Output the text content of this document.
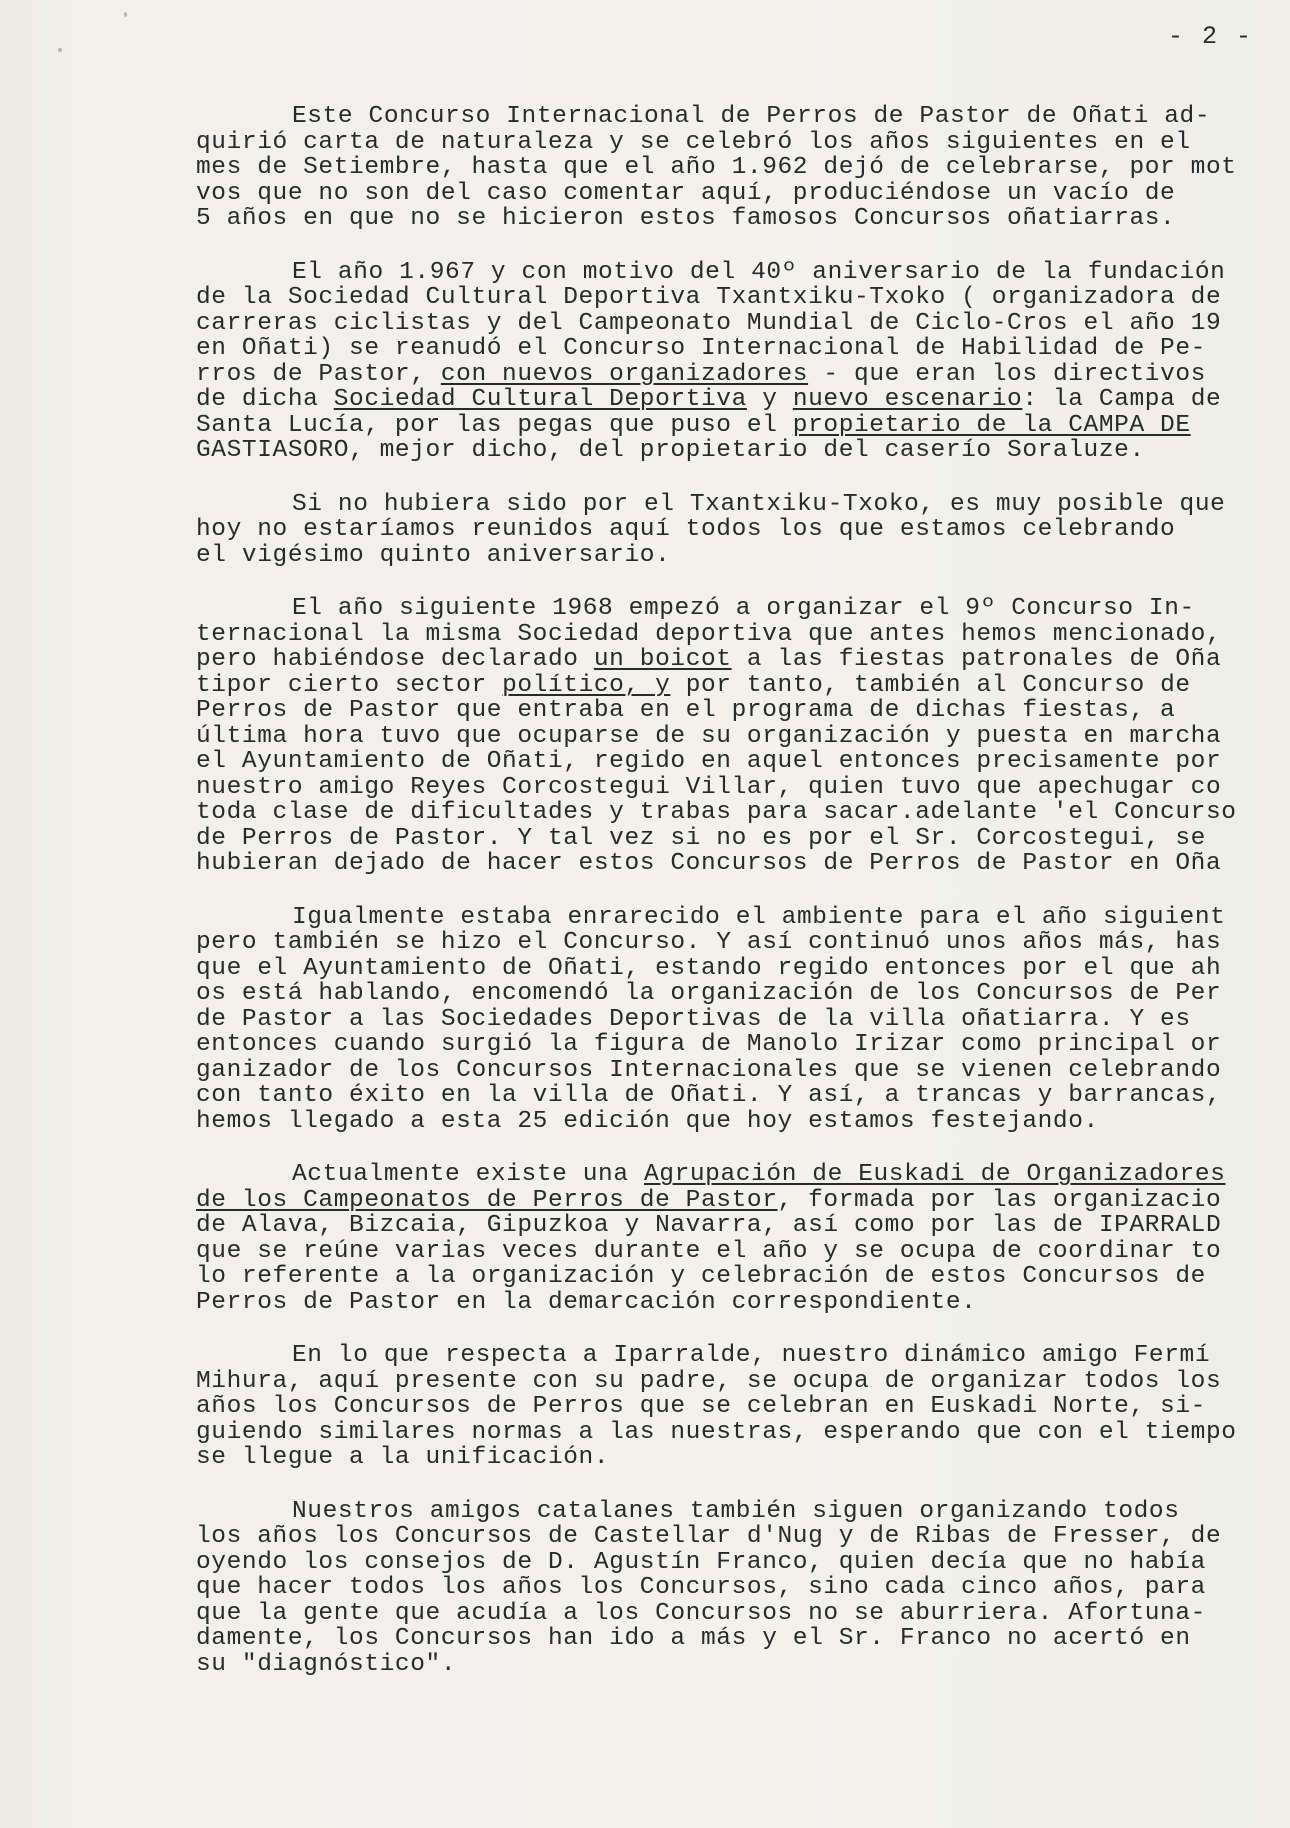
- 2 -
Este Concurso Internacional de Perros de Pastor de Oñati ad-
quirió carta de naturaleza y se celebró los años siguientes en el
mes de Setiembre, hasta que el año 1.962 dejó de celebrarse, por mot
vos que no son del caso comentar aquí, produciéndose un vacío de
5 años en que no se hicieron estos famosos Concursos oñatiarras.
El año 1.967 y con motivo del 40º aniversario de la fundación
de la Sociedad Cultural Deportiva Txantxiku-Txoko ( organizadora de
carreras ciclistas y del Campeonato Mundial de Ciclo-Cros el año 19
en Oñati) se reanudó el Concurso Internacional de Habilidad de Pe-
rros de Pastor, con nuevos organizadores - que eran los directivos
de dicha Sociedad Cultural Deportiva y nuevo escenario: la Campa de
Santa Lucía, por las pegas que puso el propietario de la CAMPA DE
GASTIASORO, mejor dicho, del propietario del caserío Soraluze.
Si no hubiera sido por el Txantxiku-Txoko, es muy posible que
hoy no estaríamos reunidos aquí todos los que estamos celebrando
el vigésimo quinto aniversario.
El año siguiente 1968 empezó a organizar el 9º Concurso In-
ternacional la misma Sociedad deportiva que antes hemos mencionado,
pero habiéndose declarado un boicot a las fiestas patronales de Oña
tipor cierto sector político, y por tanto, también al Concurso de
Perros de Pastor que entraba en el programa de dichas fiestas, a
última hora tuvo que ocuparse de su organización y puesta en marcha
el Ayuntamiento de Oñati, regido en aquel entonces precisamente por
nuestro amigo Reyes Corcostegui Villar, quien tuvo que apechugar co
toda clase de dificultades y trabas para sacar.adelante 'el Concurso
de Perros de Pastor. Y tal vez si no es por el Sr. Corcostegui, se
hubieran dejado de hacer estos Concursos de Perros de Pastor en Oña
Igualmente estaba enrarecido el ambiente para el año siguient
pero también se hizo el Concurso. Y así continuó unos años más, has
que el Ayuntamiento de Oñati, estando regido entonces por el que ah
os está hablando, encomendó la organización de los Concursos de Per
de Pastor a las Sociedades Deportivas de la villa oñatiarra. Y es
entonces cuando surgió la figura de Manolo Irizar como principal or
ganizador de los Concursos Internacionales que se vienen celebrando
con tanto éxito en la villa de Oñati. Y así, a trancas y barrancas,
hemos llegado a esta 25 edición que hoy estamos festejando.
Actualmente existe una Agrupación de Euskadi de Organizadores
de los Campeonatos de Perros de Pastor, formada por las organizacio
de Alava, Bizcaia, Gipuzkoa y Navarra, así como por las de IPARRALD
que se reúne varias veces durante el año y se ocupa de coordinar to
lo referente a la organización y celebración de estos Concursos de
Perros de Pastor en la demarcación correspondiente.
En lo que respecta a Iparralde, nuestro dinámico amigo Fermí
Mihura, aquí presente con su padre, se ocupa de organizar todos los
años los Concursos de Perros que se celebran en Euskadi Norte, si-
guiendo similares normas a las nuestras, esperando que con el tiempo
se llegue a la unificación.
Nuestros amigos catalanes también siguen organizando todos
los años los Concursos de Castellar d'Nug y de Ribas de Fresser, de
oyendo los consejos de D. Agustín Franco, quien decía que no había
que hacer todos los años los Concursos, sino cada cinco años, para
que la gente que acudía a los Concursos no se aburriera. Afortuna-
damente, los Concursos han ido a más y el Sr. Franco no acertó en
su "diagnóstico".
